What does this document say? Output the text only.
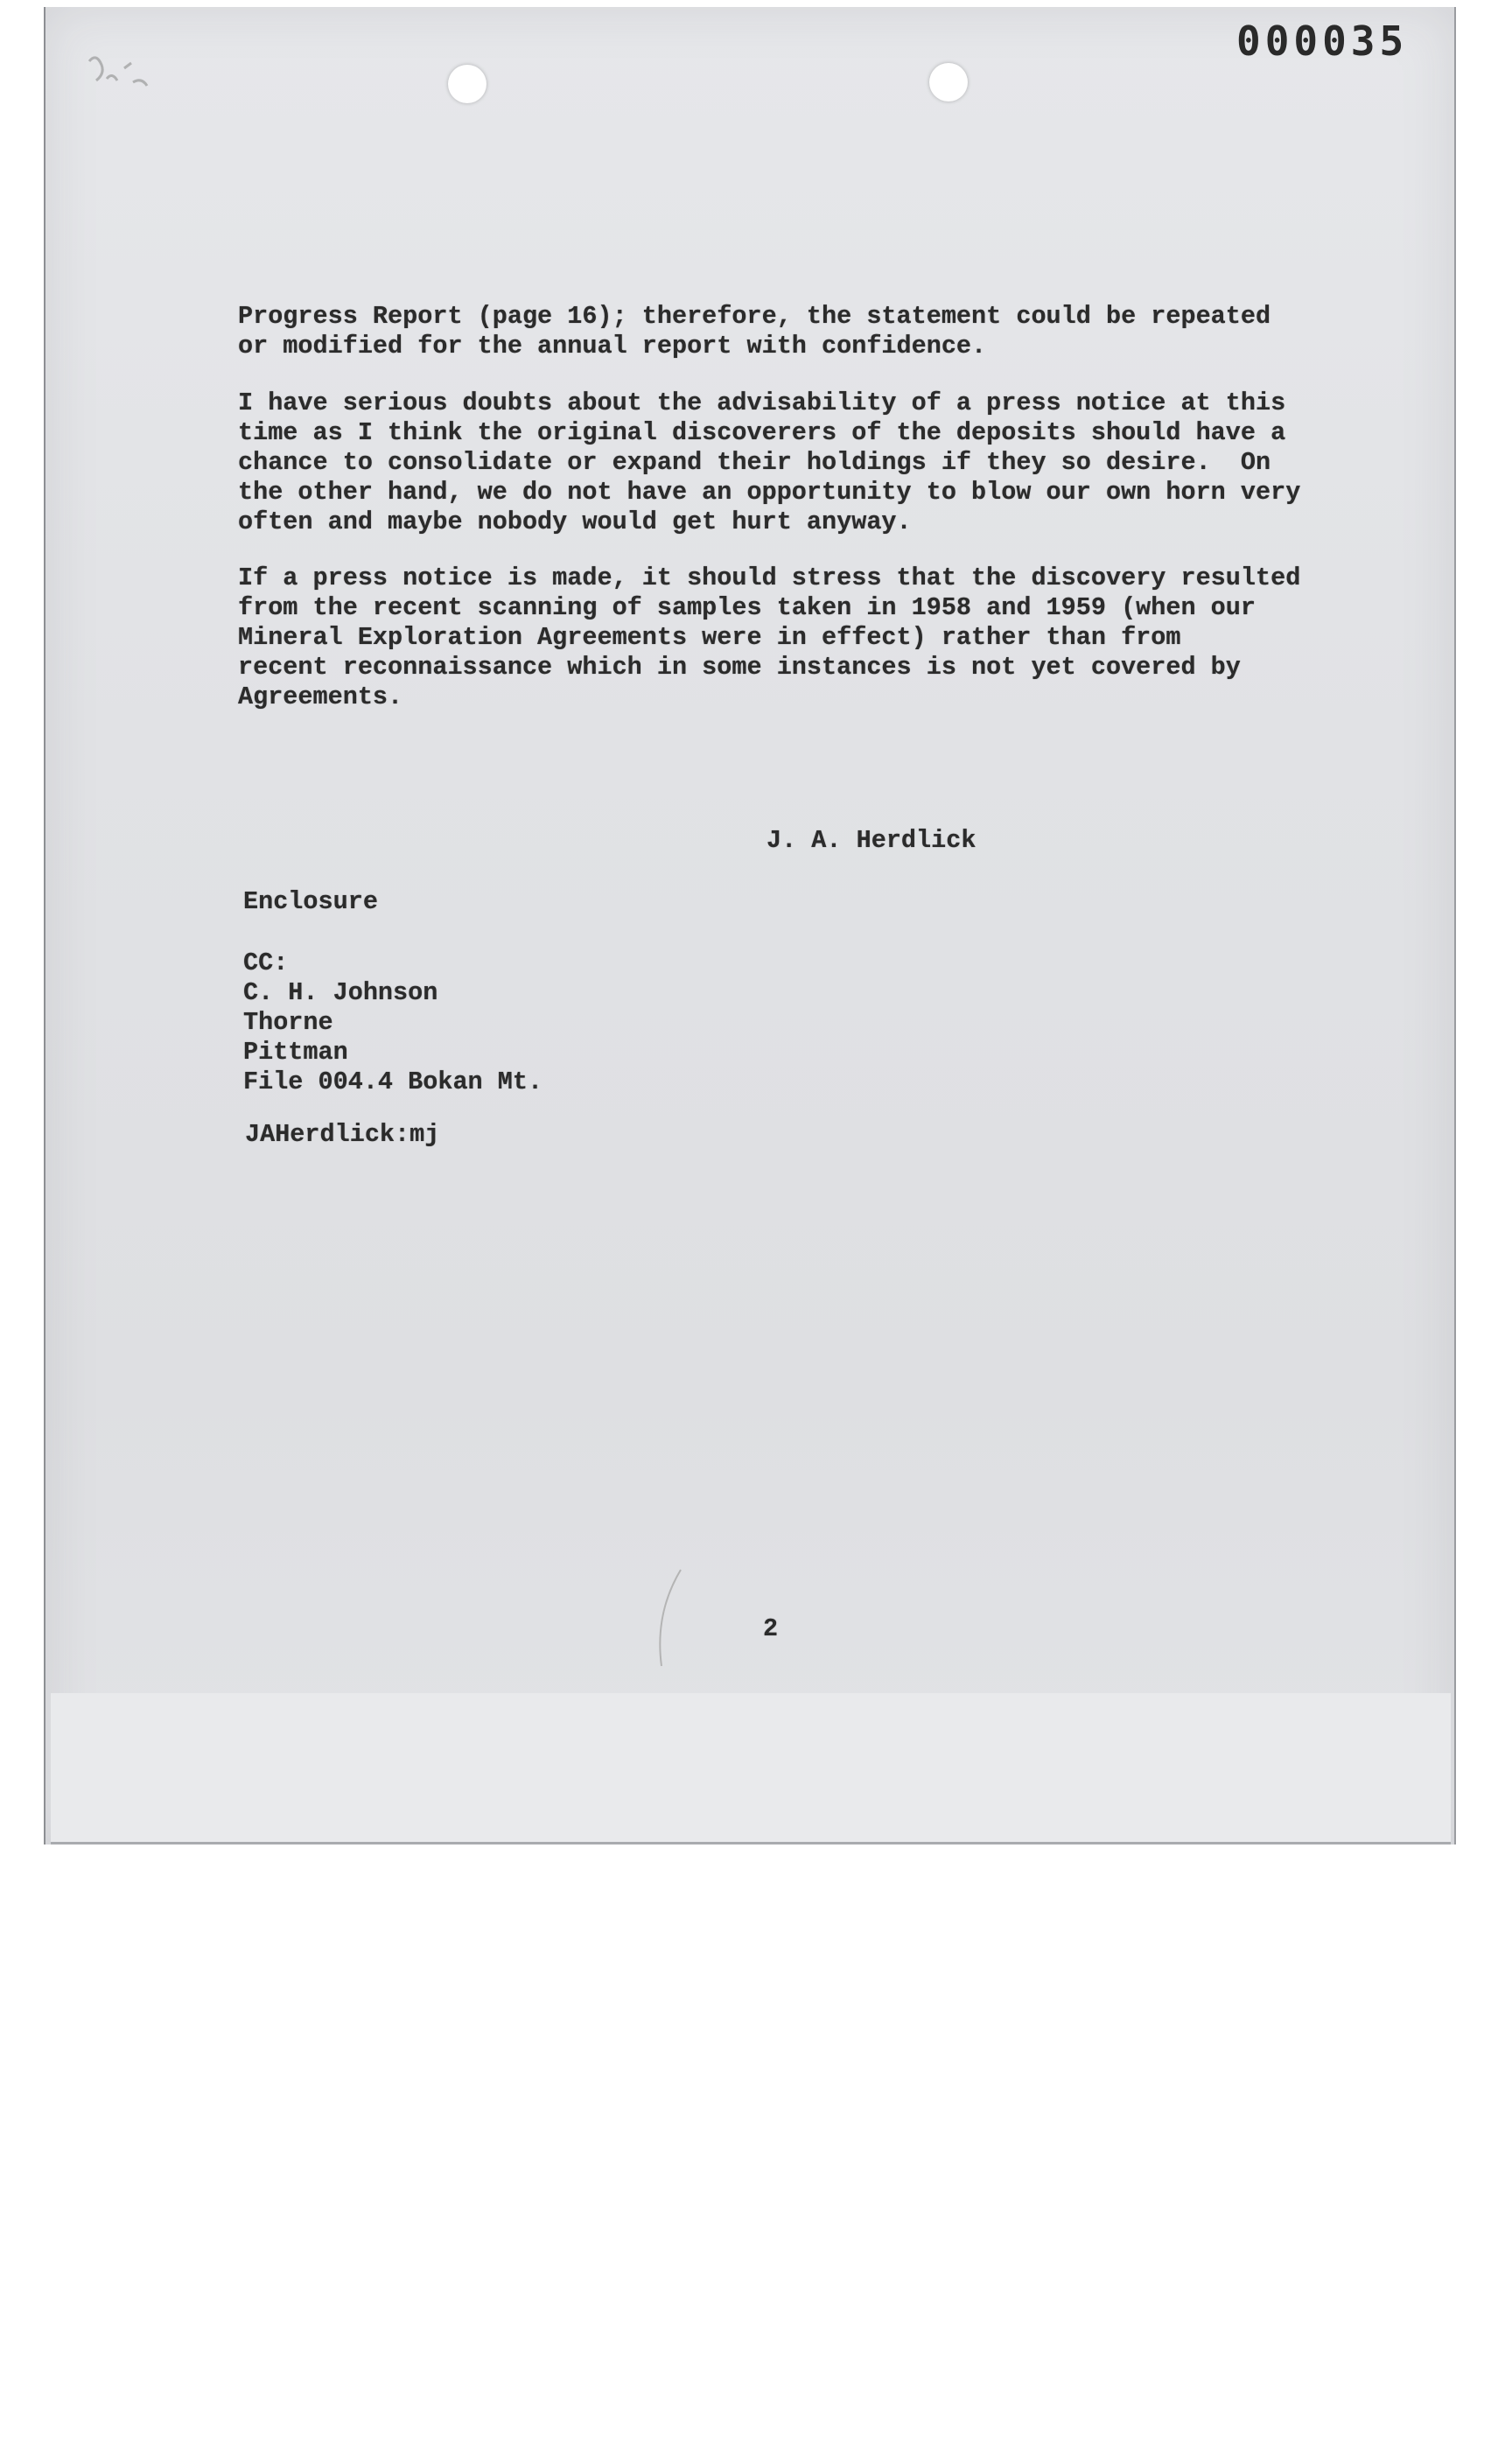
000035
Progress Report (page 16); therefore, the statement could be repeated
or modified for the annual report with confidence.
I have serious doubts about the advisability of a press notice at this
time as I think the original discoverers of the deposits should have a
chance to consolidate or expand their holdings if they so desire.  On
the other hand, we do not have an opportunity to blow our own horn very
often and maybe nobody would get hurt anyway.
If a press notice is made, it should stress that the discovery resulted
from the recent scanning of samples taken in 1958 and 1959 (when our
Mineral Exploration Agreements were in effect) rather than from
recent reconnaissance which in some instances is not yet covered by
Agreements.
J. A. Herdlick
Enclosure
CC:
C. H. Johnson
Thorne
Pittman
File 004.4 Bokan Mt.
JAHerdlick:mj
2
